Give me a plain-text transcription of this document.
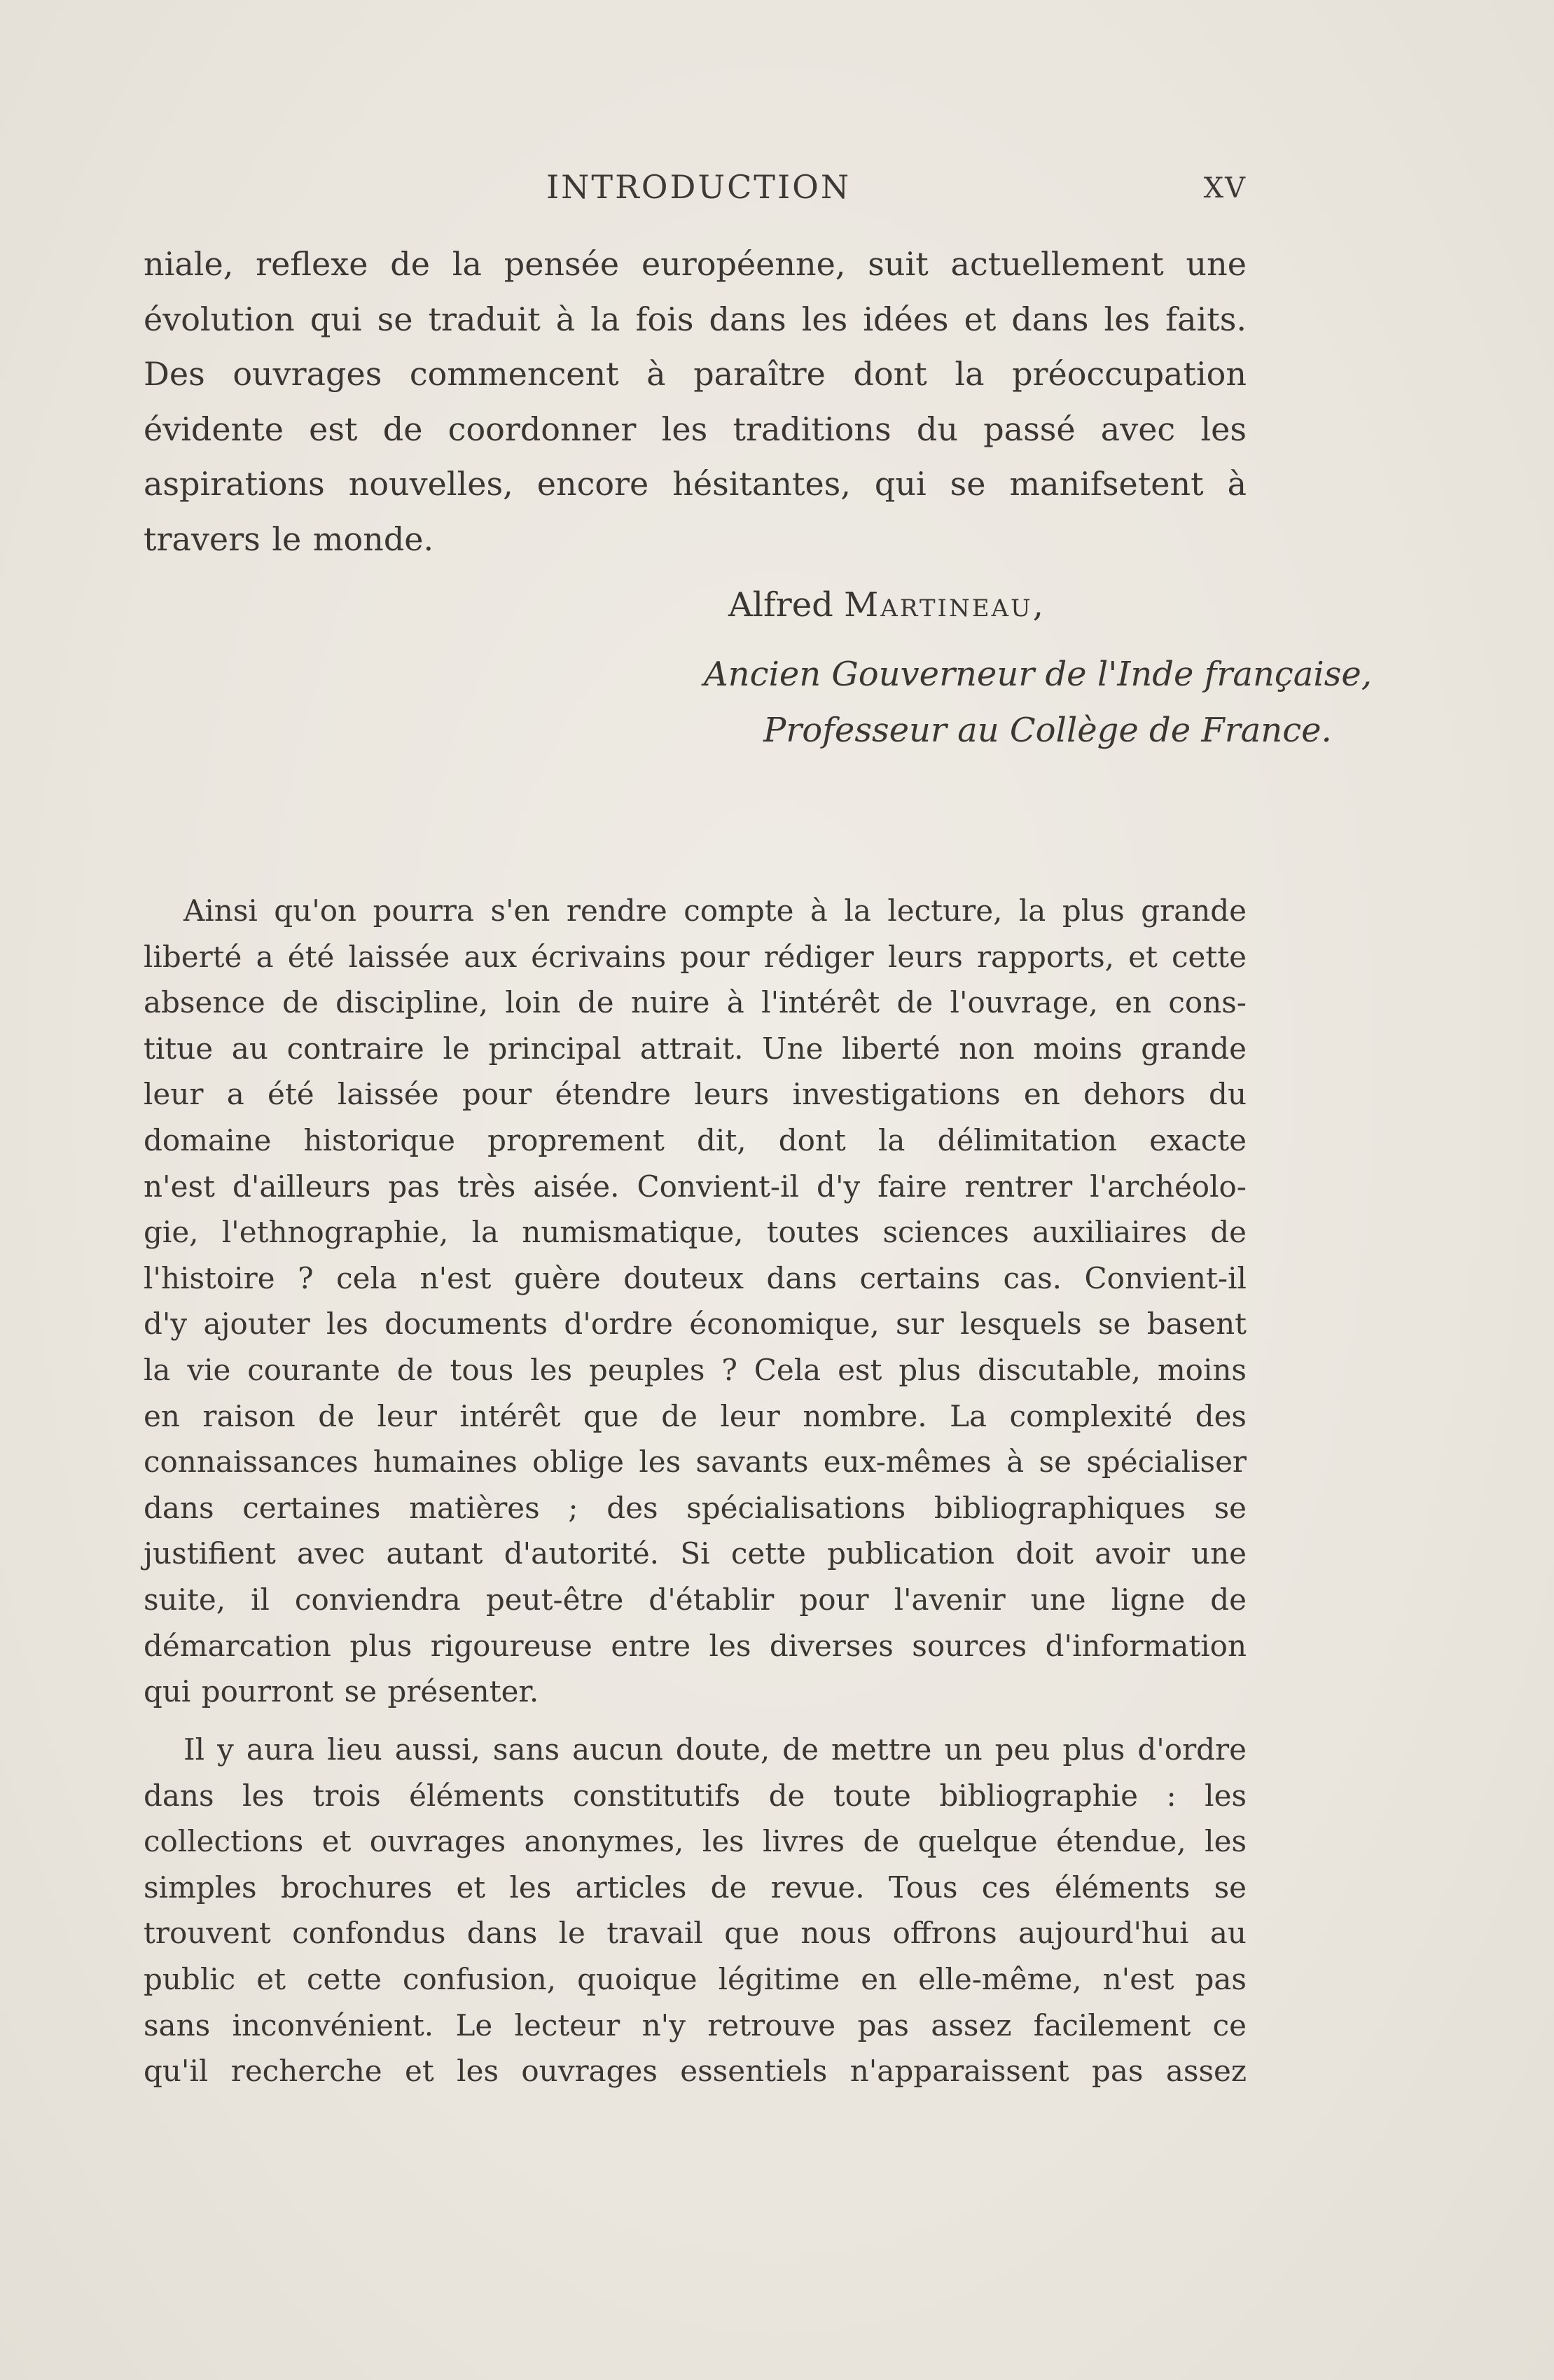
INTRODUCTION	XV
niale, reflexe de la pensée européenne, suit actuellement une
évolution qui se traduit à la fois dans les idées et dans les faits.
Des ouvrages commencent à paraître dont la préoccupation
évidente est de coordonner les traditions du passé avec les
aspirations nouvelles, encore hésitantes, qui se manifsetent à
travers le monde.
Alfred Martineau,
Ancien Gouverneur de l'Inde française,
Professeur au Collège de France.
Ainsi qu'on pourra s'en rendre compte à la lecture, la plus grande
liberté a été laissée aux écrivains pour rédiger leurs rapports, et cette
absence de discipline, loin de nuire à l'intérêt de l'ouvrage, en cons-
titue au contraire le principal attrait. Une liberté non moins grande
leur a été laissée pour étendre leurs investigations en dehors du
domaine historique proprement dit, dont la délimitation exacte
n'est d'ailleurs pas très aisée. Convient-il d'y faire rentrer l'archéolo-
gie, l'ethnographie, la numismatique, toutes sciences auxiliaires de
l'histoire ? cela n'est guère douteux dans certains cas. Convient-il
d'y ajouter les documents d'ordre économique, sur lesquels se basent
la vie courante de tous les peuples ? Cela est plus discutable, moins
en raison de leur intérêt que de leur nombre. La complexité des
connaissances humaines oblige les savants eux-mêmes à se spécialiser
dans certaines matières ; des spécialisations bibliographiques se
justifient avec autant d'autorité. Si cette publication doit avoir une
suite, il conviendra peut-être d'établir pour l'avenir une ligne de
démarcation plus rigoureuse entre les diverses sources d'information
qui pourront se présenter.
Il y aura lieu aussi, sans aucun doute, de mettre un peu plus d'ordre
dans les trois éléments constitutifs de toute bibliographie : les
collections et ouvrages anonymes, les livres de quelque étendue, les
simples brochures et les articles de revue. Tous ces éléments se
trouvent confondus dans le travail que nous offrons aujourd'hui au
public et cette confusion, quoique légitime en elle-même, n'est pas
sans inconvénient. Le lecteur n'y retrouve pas assez facilement ce
qu'il recherche et les ouvrages essentiels n'apparaissent pas assez
